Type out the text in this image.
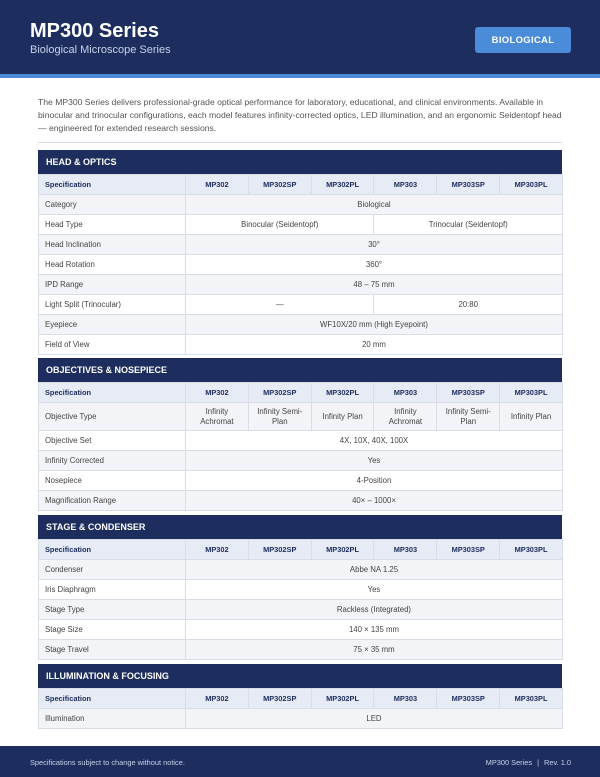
MP300 Series
Biological Microscope Series
BIOLOGICAL
The MP300 Series delivers professional-grade optical performance for laboratory, educational, and clinical environments. Available in binocular and trinocular configurations, each model features infinity-corrected optics, LED illumination, and an ergonomic Seidentopf head — engineered for extended research sessions.
HEAD & OPTICS
Specification	MP302	MP302SP	MP302PL	MP303	MP303SP	MP303PL
Category	Biological					
Head Type	Binocular (Seidentopf)			Trinocular (Seidentopf)		
Head Inclination	30°					
Head Rotation	360°					
IPD Range	48 – 75 mm					
Light Split (Trinocular)	—			20:80		
Eyepiece	WF10X/20 mm (High Eyepoint)					
Field of View	20 mm					
OBJECTIVES & NOSEPIECE
Specification	MP302	MP302SP	MP302PL	MP303	MP303SP	MP303PL
Objective Type	Infinity Achromat	Infinity Semi-Plan	Infinity Plan	Infinity Achromat	Infinity Semi-Plan	Infinity Plan
Objective Set	4X, 10X, 40X, 100X					
Infinity Corrected	Yes					
Nosepiece	4-Position					
Magnification Range	40× – 1000×					
STAGE & CONDENSER
Specification	MP302	MP302SP	MP302PL	MP303	MP303SP	MP303PL
Condenser	Abbe NA 1.25					
Iris Diaphragm	Yes					
Stage Type	Rackless (Integrated)					
Stage Size	140 × 135 mm					
Stage Travel	75 × 35 mm					
ILLUMINATION & FOCUSING
Specification	MP302	MP302SP	MP302PL	MP303	MP303SP	MP303PL
Illumination	LED					
Specifications subject to change without notice.	MP300 Series | Rev. 1.0
